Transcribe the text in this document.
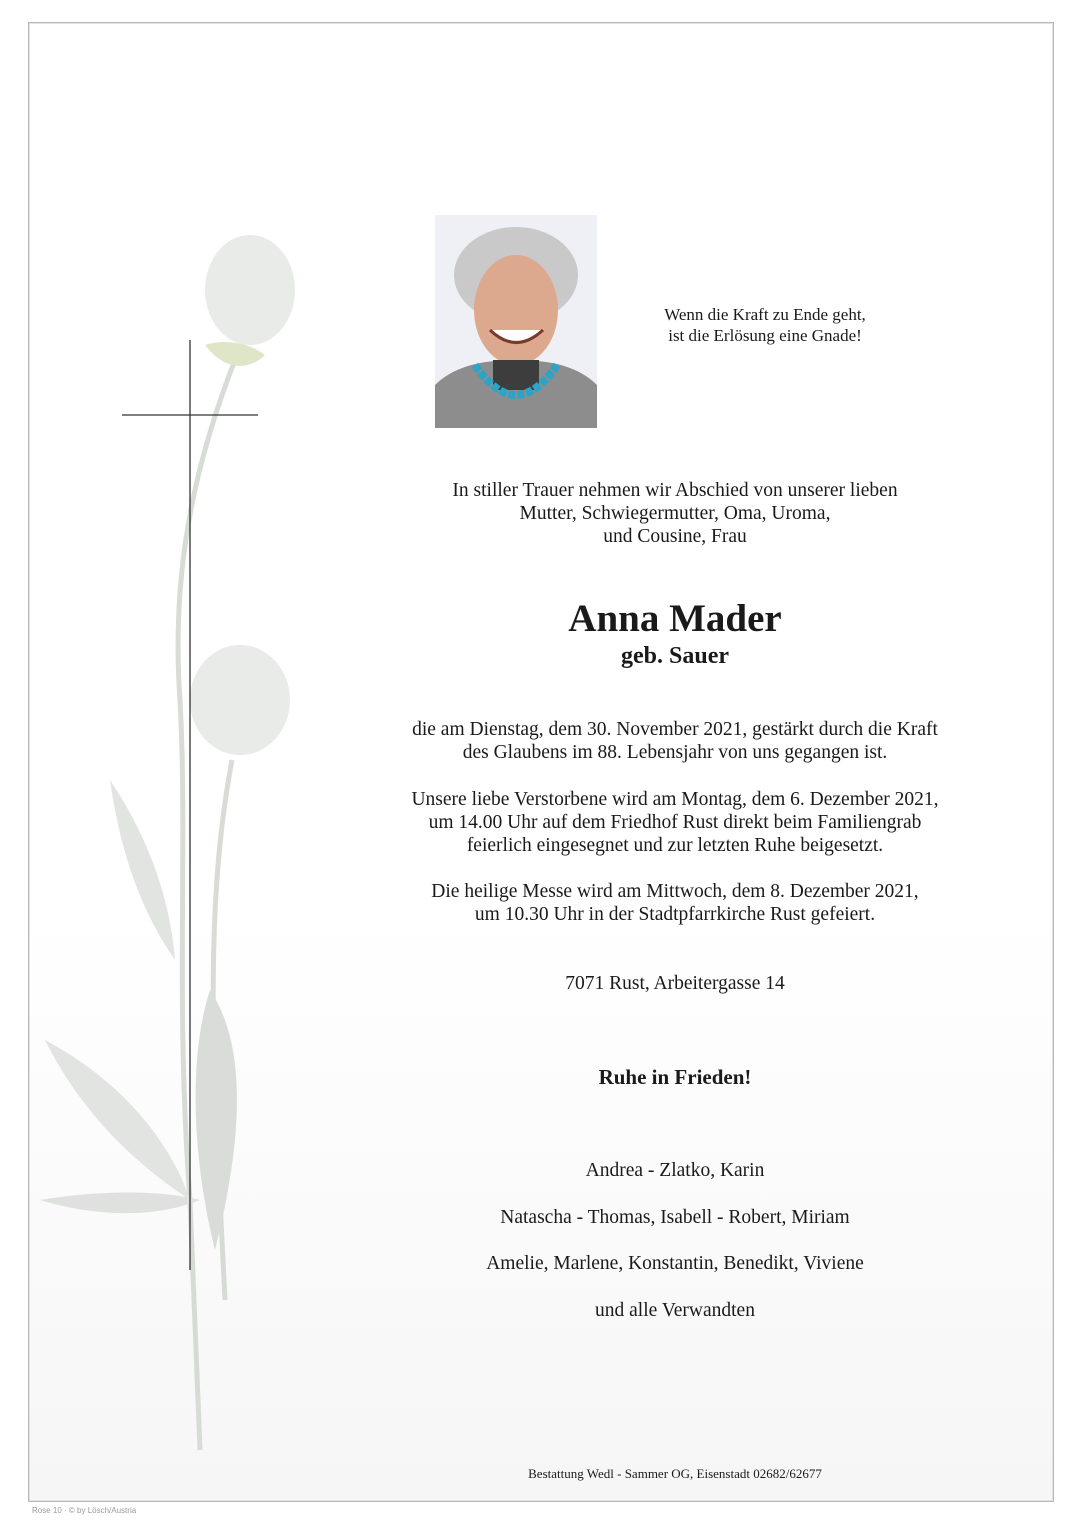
Wenn die Kraft zu Ende geht,
ist die Erlösung eine Gnade!
In stiller Trauer nehmen wir Abschied von unserer lieben
Mutter, Schwiegermutter, Oma, Uroma,
und Cousine, Frau
Anna Mader
geb. Sauer
die am Dienstag, dem 30. November 2021, gestärkt durch die Kraft
des Glaubens im 88. Lebensjahr von uns gegangen ist.
Unsere liebe Verstorbene wird am Montag, dem 6. Dezember 2021,
um 14.00 Uhr auf dem Friedhof Rust direkt beim Familiengrab
feierlich eingesegnet und zur letzten Ruhe beigesetzt.
Die heilige Messe wird am Mittwoch, dem 8. Dezember 2021,
um 10.30 Uhr in der Stadtpfarrkirche Rust gefeiert.
7071 Rust, Arbeitergasse 14
Ruhe in Frieden!
Andrea - Zlatko, Karin
Natascha - Thomas, Isabell - Robert, Miriam
Amelie, Marlene, Konstantin, Benedikt, Viviene
und alle Verwandten
Bestattung Wedl - Sammer OG, Eisenstadt 02682/62677
Rose 10 · © by Lösch/Austria
